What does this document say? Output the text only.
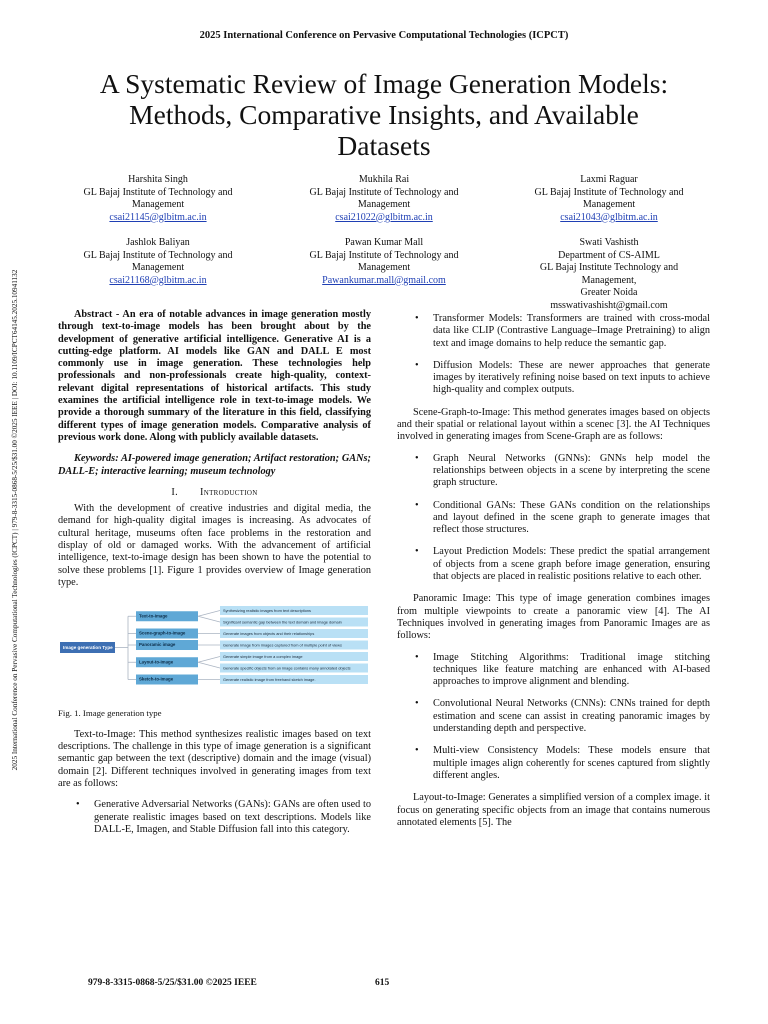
2025 International Conference on Pervasive Computational Technologies (ICPCT)
A Systematic Review of Image Generation Models:
Methods, Comparative Insights, and Available
Datasets
2025 International Conference on Pervasive Computational Technologies (ICPCT) | 979-8-3315-0868-5/25/$31.00 ©2025 IEEE | DOI: 10.1109/ICPCT64145.2025.10941132
Harshita Singh
GL Bajaj Institute of Technology and
Management
csai21145@glbitm.ac.in
Mukhila Rai
GL Bajaj Institute of Technology and
Management
csai21022@glbitm.ac.in
Laxmi Raguar
GL Bajaj Institute of Technology and
Management
csai21043@glbitm.ac.in
Jashlok Baliyan
GL Bajaj Institute of Technology and
Management
csai21168@glbitm.ac.in
Pawan Kumar Mall
GL Bajaj Institute of Technology and
Management
Pawankumar.mall@gmail.com
Swati Vashisth
Department of CS-AIML
GL Bajaj Institute Technology and
Management,
Greater Noida
msswativashisht@gmail.com

Abstract - An era of notable advances in image generation mostly through text-to-image models has been brought about by the development of generative artificial intelligence. Generative AI is a cutting-edge platform. AI models like GAN and DALL E most commonly use in image generation. These technologies help professionals and non-professionals create high-quality, context-relevant digital representations of historical artifacts. This study examines the artificial intelligence role in text-to-image models. We provide a thorough summary of the literature in this field, classifying different types of image generation models. Comparative analysis of previous work done. Along with publicly available datasets.

Keywords: AI-powered image generation; Artifact restoration; GANs; DALL-E; interactive learning; museum technology

I. Introduction

With the development of creative industries and digital media, the demand for high-quality digital images is increasing. As advocates of cultural heritage, museums often face problems in the restoration and display of old or damaged works. With the advancement of artificial intelligence, text-to-image design has been shown to have the potential to solve these problems [1]. Figure 1 provides overview of Image generation type.

Image generation Type
Text-to-image
Scene-graph-to-image
Panoramic image
Layout-to-image
Sketch-to-image
Synthesizing realistic images from text descriptions
Significant semantic gap between the text domain and image domain
Generate images from objects and their relationships
Generate image from images captured from of multiple point of views
Generate simple image from a complex image
Generate specific objects from an image contains many annotated objects
Generate realistic image from freehand sketch image.
Fig. 1. Image generation type

Text-to-Image: This method synthesizes realistic images based on text descriptions. The challenge in this type of image generation is a significant semantic gap between the text (descriptive) domain and the image (visual) domain [2]. Different techniques involved in generating images from text are as follows:

• Generative Adversarial Networks (GANs): GANs are often used to generate realistic images based on text descriptions. Models like DALL-E, Imagen, and Stable Diffusion fall into this category.
• Transformer Models: Transformers are trained with cross-modal data like CLIP (Contrastive Language–Image Pretraining) to align text and image domains to help reduce the semantic gap.
• Diffusion Models: These are newer approaches that generate images by iteratively refining noise based on text inputs to achieve high-quality and complex outputs.

Scene-Graph-to-Image: This method generates images based on objects and their spatial or relational layout within a scenec [3]. the AI Techniques involved in generating images from Scene-Graph are as follows:

• Graph Neural Networks (GNNs): GNNs help model the relationships between objects in a scene by interpreting the scene graph structure.
• Conditional GANs: These GANs condition on the relationships and layout defined in the scene graph to generate images that reflect those structures.
• Layout Prediction Models: These predict the spatial arrangement of objects from a scene graph before image generation, ensuring that objects are placed in realistic positions relative to each other.

Panoramic Image: This type of image generation combines images from multiple viewpoints to create a panoramic view [4]. The AI Techniques involved in generating images from Panoramic Images are as follows:

• Image Stitching Algorithms: Traditional image stitching techniques like feature matching are enhanced with AI-based approaches to improve alignment and blending.
• Convolutional Neural Networks (CNNs): CNNs trained for depth estimation and scene can assist in creating panoramic images by understanding depth and perspective.
• Multi-view Consistency Models: These models ensure that multiple images align coherently for scenes captured from slightly different angles.

Layout-to-Image: Generates a simplified version of a complex image. it focus on generating specific objects from an image that contains numerous annotated elements [5]. The

979-8-3315-0868-5/25/$31.00 ©2025 IEEE	615
